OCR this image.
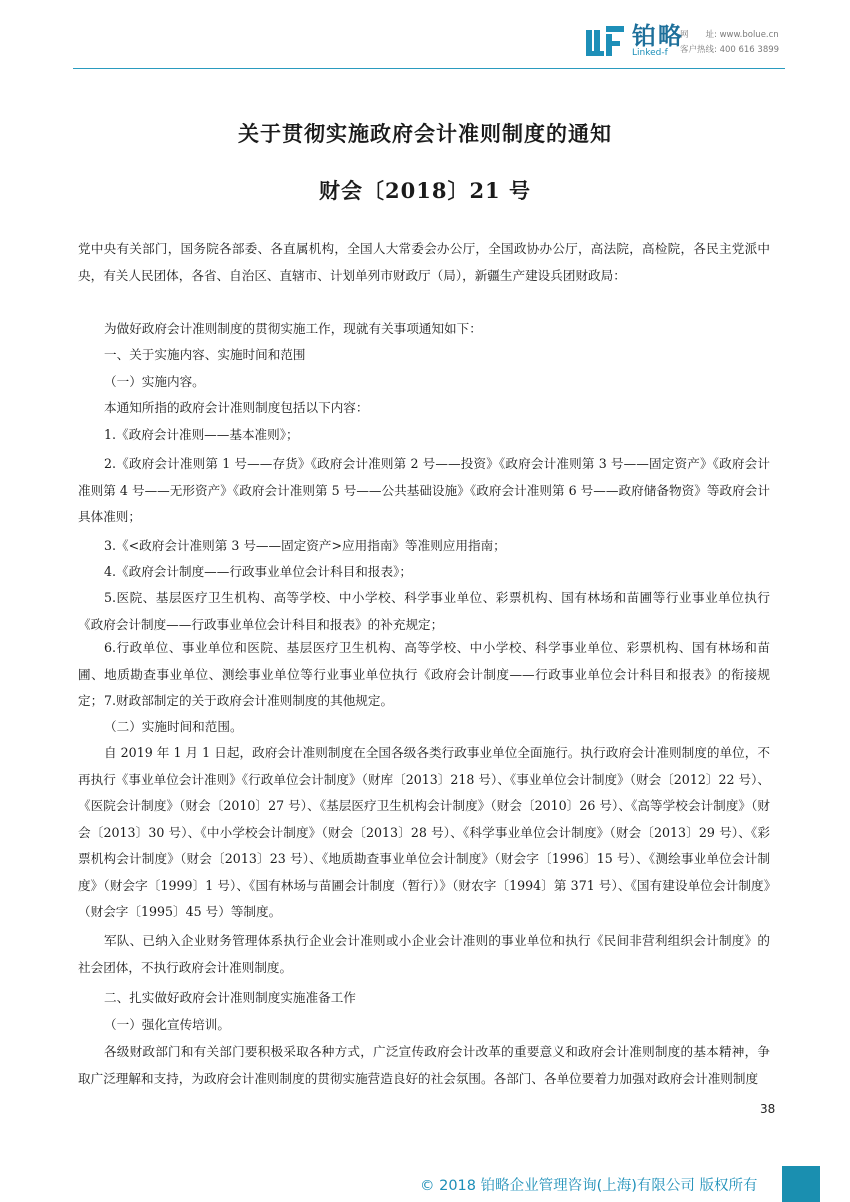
铂略
Linked-f
网　　址: www.bolue.cn
客户热线: 400 616 3899
关于贯彻实施政府会计准则制度的通知
财会〔2018〕21 号
党中央有关部门，国务院各部委、各直属机构，全国人大常委会办公厅，全国政协办公厅，高法院，高检院，各民主党派中央，有关人民团体，各省、自治区、直辖市、计划单列市财政厅（局），新疆生产建设兵团财政局：
为做好政府会计准则制度的贯彻实施工作，现就有关事项通知如下：
一、关于实施内容、实施时间和范围
（一）实施内容。
本通知所指的政府会计准则制度包括以下内容：
1.《政府会计准则——基本准则》；
2.《政府会计准则第 1 号——存货》《政府会计准则第 2 号——投资》《政府会计准则第 3 号——固定资产》《政府会计准则第 4 号——无形资产》《政府会计准则第 5 号——公共基础设施》《政府会计准则第 6 号——政府储备物资》等政府会计具体准则；
3.《<政府会计准则第 3 号——固定资产>应用指南》等准则应用指南；
4.《政府会计制度——行政事业单位会计科目和报表》；
5.医院、基层医疗卫生机构、高等学校、中小学校、科学事业单位、彩票机构、国有林场和苗圃等行业事业单位执行《政府会计制度——行政事业单位会计科目和报表》的补充规定；
6.行政单位、事业单位和医院、基层医疗卫生机构、高等学校、中小学校、科学事业单位、彩票机构、国有林场和苗圃、地质勘查事业单位、测绘事业单位等行业事业单位执行《政府会计制度——行政事业单位会计科目和报表》的衔接规定； 7.财政部制定的关于政府会计准则制度的其他规定。
（二）实施时间和范围。
自 2019 年 1 月 1 日起，政府会计准则制度在全国各级各类行政事业单位全面施行。执行政府会计准则制度的单位，不再执行《事业单位会计准则》《行政单位会计制度》（财库〔2013〕218 号）、《事业单位会计制度》（财会〔2012〕22 号）、《医院会计制度》（财会〔2010〕27 号）、《基层医疗卫生机构会计制度》（财会〔2010〕26 号）、《高等学校会计制度》（财会〔2013〕30 号）、《中小学校会计制度》（财会〔2013〕28 号）、《科学事业单位会计制度》（财会〔2013〕29 号）、《彩票机构会计制度》（财会〔2013〕23 号）、《地质勘查事业单位会计制度》（财会字〔1996〕15 号）、《测绘事业单位会计制度》（财会字〔1999〕1 号）、《国有林场与苗圃会计制度（暂行）》（财农字〔1994〕第 371 号）、《国有建设单位会计制度》（财会字〔1995〕45 号）等制度。
军队、已纳入企业财务管理体系执行企业会计准则或小企业会计准则的事业单位和执行《民间非营利组织会计制度》的社会团体，不执行政府会计准则制度。
二、扎实做好政府会计准则制度实施准备工作
（一）强化宣传培训。
各级财政部门和有关部门要积极采取各种方式，广泛宣传政府会计改革的重要意义和政府会计准则制度的基本精神，争取广泛理解和支持，为政府会计准则制度的贯彻实施营造良好的社会氛围。各部门、各单位要着力加强对政府会计准则制度
38
© 2018 铂略企业管理咨询(上海)有限公司 版权所有
